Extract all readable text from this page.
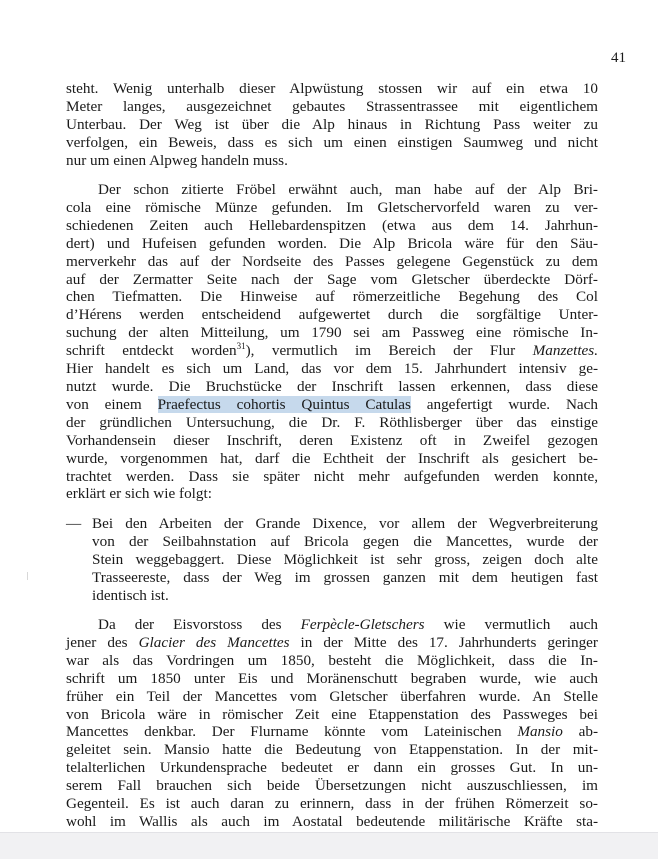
41
steht. Wenig unterhalb dieser Alpwüstung stossen wir auf ein etwa 10
Meter langes, ausgezeichnet gebautes Strassentrassee mit eigentlichem
Unterbau. Der Weg ist über die Alp hinaus in Richtung Pass weiter zu
verfolgen, ein Beweis, dass es sich um einen einstigen Saumweg und nicht
nur um einen Alpweg handeln muss.
Der schon zitierte Fröbel erwähnt auch, man habe auf der Alp Bri-
cola eine römische Münze gefunden. Im Gletschervorfeld waren zu ver-
schiedenen Zeiten auch Hellebardenspitzen (etwa aus dem 14. Jahrhun-
dert) und Hufeisen gefunden worden. Die Alp Bricola wäre für den Säu-
merverkehr das auf der Nordseite des Passes gelegene Gegenstück zu dem
auf der Zermatter Seite nach der Sage vom Gletscher überdeckte Dörf-
chen Tiefmatten. Die Hinweise auf römerzeitliche Begehung des Col
d’Hérens werden entscheidend aufgewertet durch die sorgfältige Unter-
suchung der alten Mitteilung, um 1790 sei am Passweg eine römische In-
schrift entdeckt worden$^{31}$), vermutlich im Bereich der Flur Manzettes.
Hier handelt es sich um Land, das vor dem 15. Jahrhundert intensiv ge-
nutzt wurde. Die Bruchstücke der Inschrift lassen erkennen, dass diese
von einem Praefectus cohortis Quintus Catulas angefertigt wurde. Nach
der gründlichen Untersuchung, die Dr. F. Röthlisberger über das einstige
Vorhandensein dieser Inschrift, deren Existenz oft in Zweifel gezogen
wurde, vorgenommen hat, darf die Echtheit der Inschrift als gesichert be-
trachtet werden. Dass sie später nicht mehr aufgefunden werden konnte,
erklärt er sich wie folgt:
— Bei den Arbeiten der Grande Dixence, vor allem der Wegverbreiterung
von der Seilbahnstation auf Bricola gegen die Mancettes, wurde der
Stein weggebaggert. Diese Möglichkeit ist sehr gross, zeigen doch alte
Trasseereste, dass der Weg im grossen ganzen mit dem heutigen fast
identisch ist.
Da der Eisvorstoss des Ferpècle-Gletschers wie vermutlich auch
jener des Glacier des Mancettes in der Mitte des 17. Jahrhunderts geringer
war als das Vordringen um 1850, besteht die Möglichkeit, dass die In-
schrift um 1850 unter Eis und Moränenschutt begraben wurde, wie auch
früher ein Teil der Mancettes vom Gletscher überfahren wurde. An Stelle
von Bricola wäre in römischer Zeit eine Etappenstation des Passweges bei
Mancettes denkbar. Der Flurname könnte vom Lateinischen Mansio ab-
geleitet sein. Mansio hatte die Bedeutung von Etappenstation. In der mit-
telalterlichen Urkundensprache bedeutet er dann ein grosses Gut. In un-
serem Fall brauchen sich beide Übersetzungen nicht auszuschliessen, im
Gegenteil. Es ist auch daran zu erinnern, dass in der frühen Römerzeit so-
wohl im Wallis als auch im Aostatal bedeutende militärische Kräfte sta-
